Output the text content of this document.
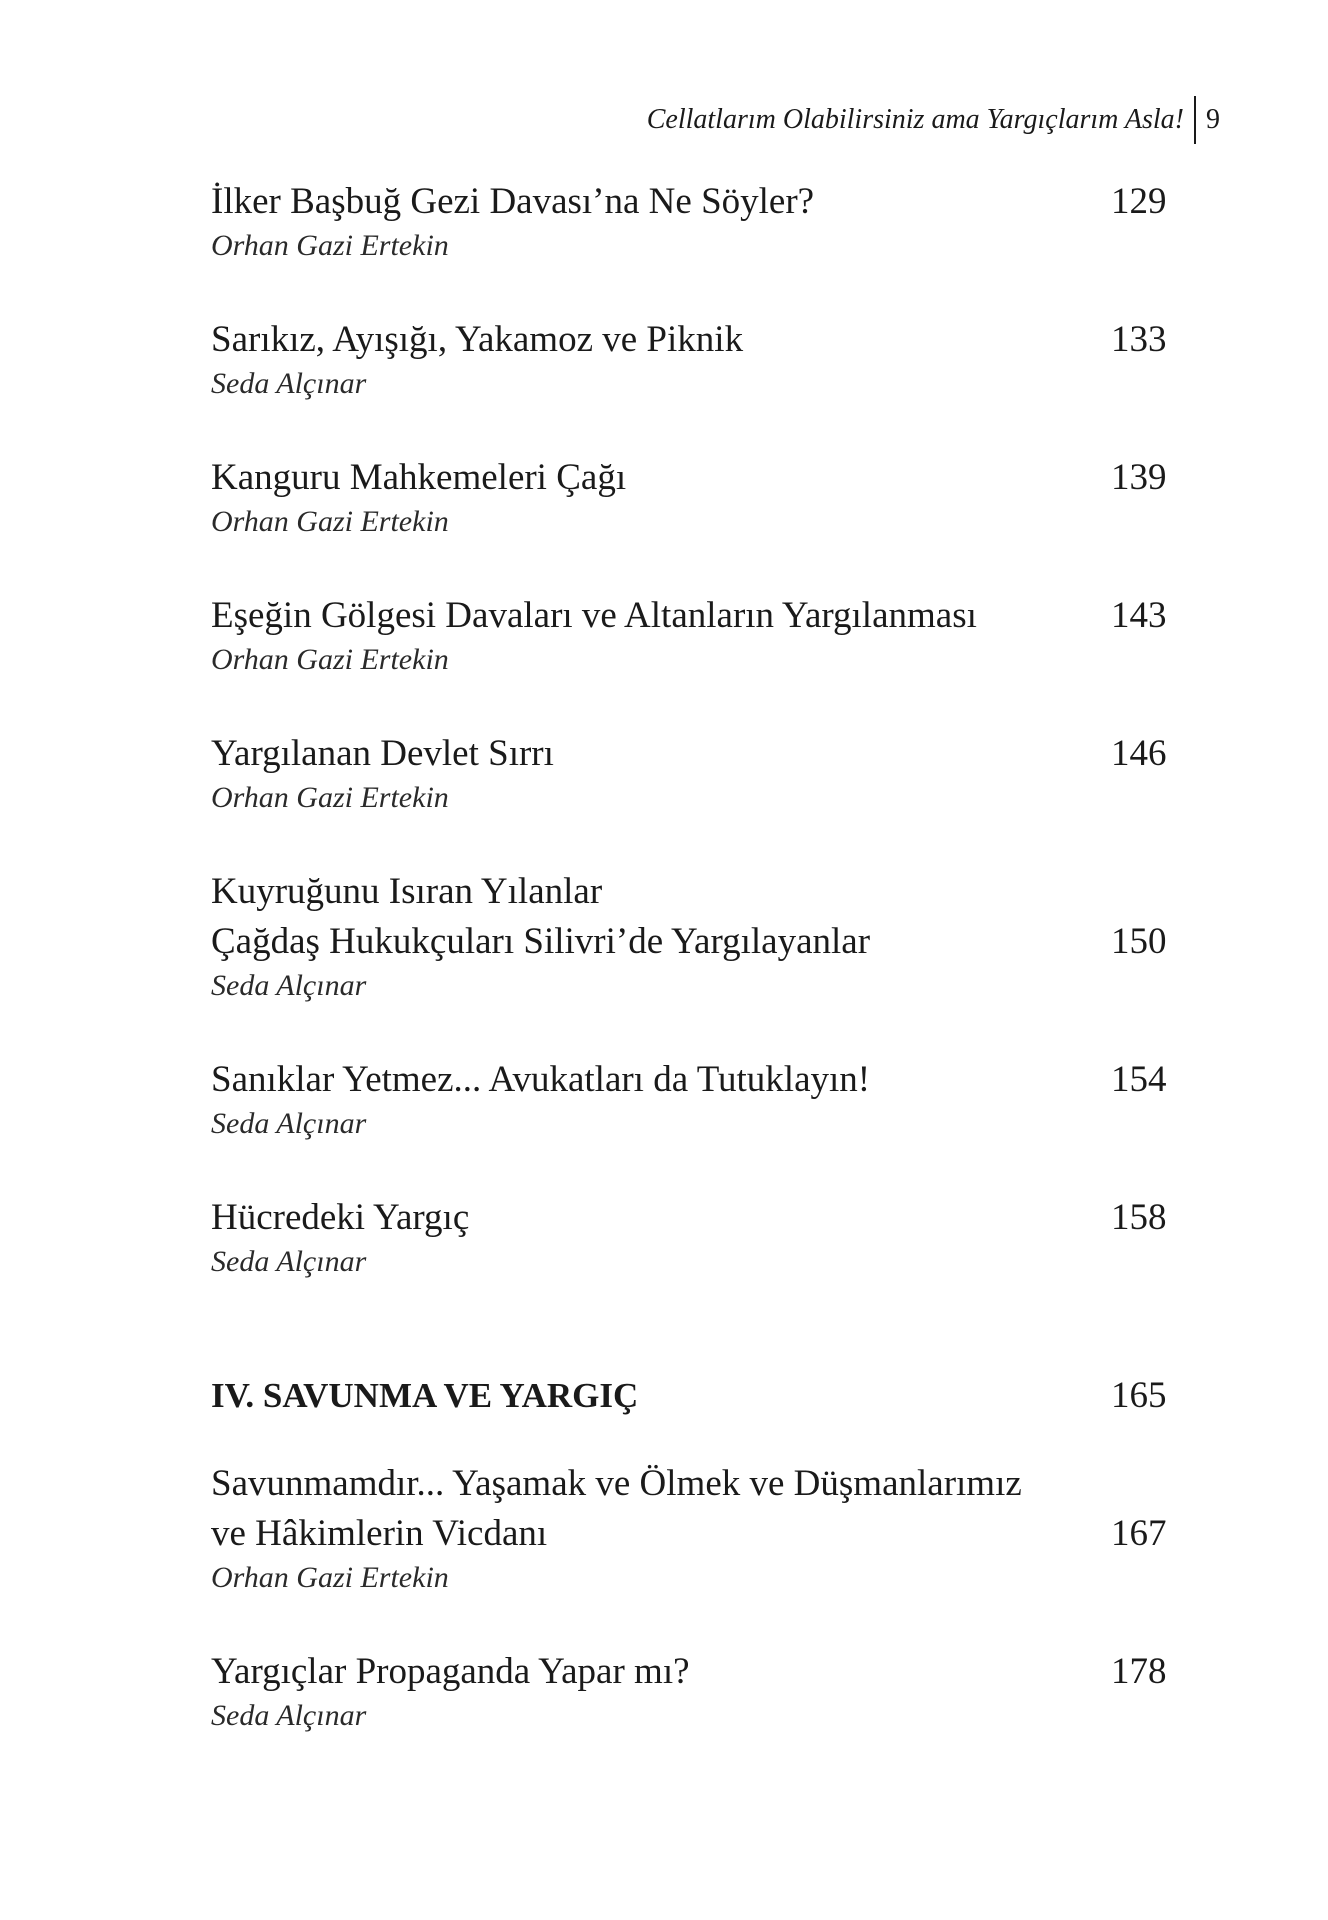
Cellatlarım Olabilirsiniz ama Yargıçlarım Asla! 9
İlker Başbuğ Gezi Davası’na Ne Söyler?	129
Orhan Gazi Ertekin
Sarıkız, Ayışığı, Yakamoz ve Piknik	133
Seda Alçınar
Kanguru Mahkemeleri Çağı	139
Orhan Gazi Ertekin
Eşeğin Gölgesi Davaları ve Altanların Yargılanması	143
Orhan Gazi Ertekin
Yargılanan Devlet Sırrı	146
Orhan Gazi Ertekin
Kuyruğunu Isıran Yılanlar
Çağdaş Hukukçuları Silivri’de Yargılayanlar	150
Seda Alçınar
Sanıklar Yetmez... Avukatları da Tutuklayın!	154
Seda Alçınar
Hücredeki Yargıç	158
Seda Alçınar
IV. SAVUNMA VE YARGIÇ	165
Savunmamdır... Yaşamak ve Ölmek ve Düşmanlarımız
ve Hâkimlerin Vicdanı	167
Orhan Gazi Ertekin
Yargıçlar Propaganda Yapar mı?	178
Seda Alçınar
